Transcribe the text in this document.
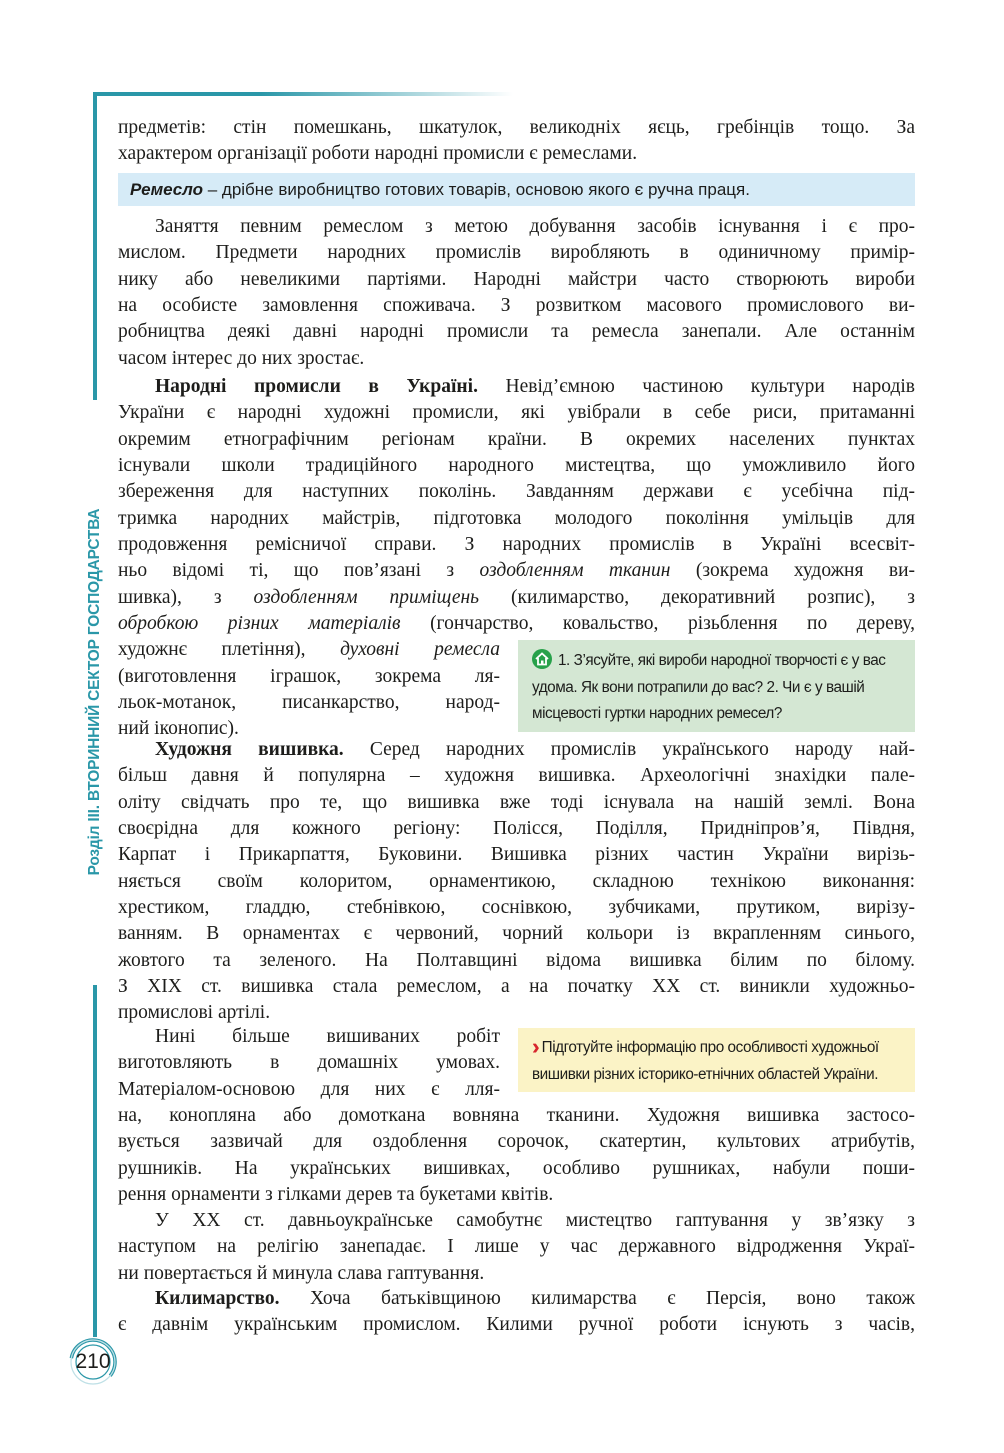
Розділ III. ВТОРИННИЙ СЕКТОР ГОСПОДАРСТВА
Ремесло – дрібне виробництво готових товарів, основою якого є ручна праця.
предметів: стін помешкань, шкатулок, великодніх яєць, гребінців тощо. За
характером організації роботи народні промисли є ремеслами.
Заняття певним ремеслом з метою добування засобів існування і є про-
мислом. Предмети народних промислів виробляють в одиничному примір-
нику або невеликими партіями. Народні майстри часто створюють вироби
на особисте замовлення споживача. З розвитком масового промислового ви-
робництва деякі давні народні промисли та ремесла занепали. Але останнім
часом інтерес до них зростає.
Народні промисли в Україні. Невід’ємною частиною культури народів
України є народні художні промисли, які увібрали в себе риси, притаманні
окремим етнографічним регіонам країни. В окремих населених пунктах
існували школи традиційного народного мистецтва, що уможливило його
збереження для наступних поколінь. Завданням держави є усебічна під-
тримка народних майстрів, підготовка молодого покоління умільців для
продовження ремісничої справи. З народних промислів в Україні всесвіт-
ньо відомі ті, що пов’язані з оздобленням тканин (зокрема художня ви-
шивка), з оздобленням приміщень (килимарство, декоративний розпис), з
обробкою різних матеріалів (гончарство, ковальство, різьблення по дереву,
художнє плетіння), духовні ремесла
(виготовлення іграшок, зокрема ля-
льок-мотанок, писанкарство, народ-
ний іконопис).
Художня вишивка. Серед народних промислів українського народу най-
більш давня й популярна – художня вишивка. Археологічні знахідки пале-
оліту свідчать про те, що вишивка вже тоді існувала на нашій землі. Вона
своєрідна для кожного регіону: Полісся, Поділля, Придніпров’я, Півдня,
Карпат і Прикарпаття, Буковини. Вишивка різних частин України вирізь-
няється своїм колоритом, орнаментикою, складною технікою виконання:
хрестиком, гладдю, стебнівкою, соснівкою, зубчиками, прутиком, вирізу-
ванням. В орнаментах є червоний, чорний кольори із вкрапленням синього,
жовтого та зеленого. На Полтавщині відома вишивка білим по білому.
З XIX ст. вишивка стала ремеслом, а на початку XX ст. виникли художньо-
промислові артілі.
Нині більше вишиваних робіт
виготовляють в домашніх умовах.
Матеріалом-основою для них є лля-
на, конопляна або домоткана вовняна тканини. Художня вишивка застосо-
вується зазвичай для оздоблення сорочок, скатертин, культових атрибутів,
рушників. На українських вишивках, особливо рушниках, набули поши-
рення орнаменти з гілками дерев та букетами квітів.
У XX ст. давньоукраїнське самобутнє мистецтво гаптування у зв’язку з
наступом на релігію занепадає. І лише у час державного відродження Украї-
ни повертається й минула слава гаптування.
Килимарство. Хоча батьківщиною килимарства є Персія, воно також
є давнім українським промислом. Килими ручної роботи існують з часів,
1. З’ясуйте, які вироби народної творчості є у вас удома. Як вони потрапили до вас? 2. Чи є у вашій місцевості гуртки народних ремесел?
›› Підготуйте інформацію про особливості художньої вишивки різних історико-етнічних областей України.
210
